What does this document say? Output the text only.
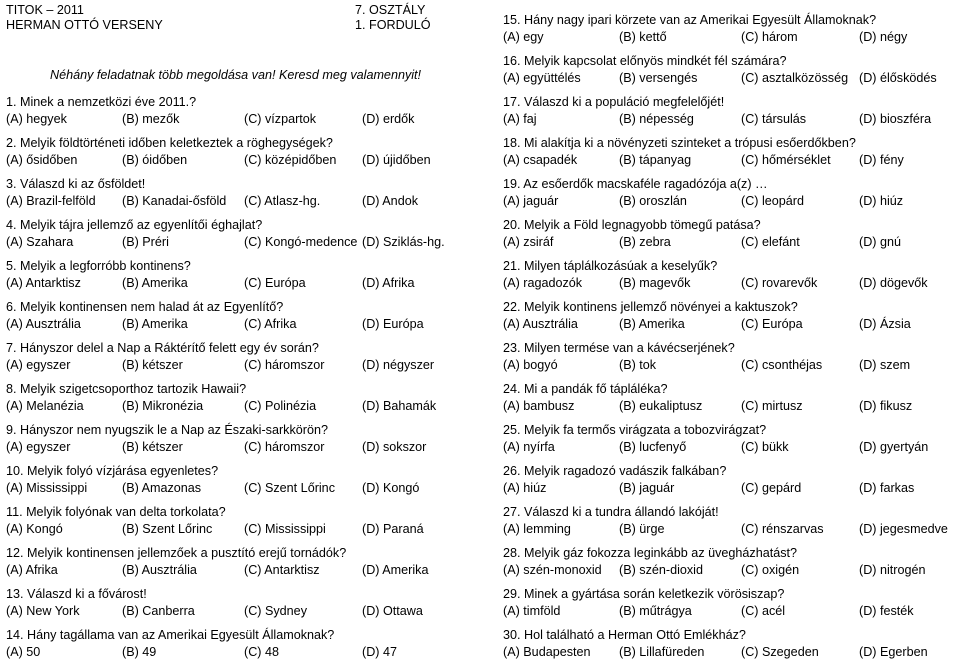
TITOK – 2011
HERMAN OTTÓ VERSENY
7. OSZTÁLY
1. FORDULÓ
Néhány feladatnak több megoldása van! Keresd meg valamennyit!
1. Minek a nemzetközi éve 2011.?
(A) hegyek	(B) mezők	(C) vízpartok	(D) erdők
2. Melyik földtörténeti időben keletkeztek a röghegységek?
(A) ősidőben	(B) óidőben	(C) középidőben (D) újidőben
3. Válaszd ki az ősföldet!
(A) Brazil-felföld (B) Kanadai-ősföld (C) Atlasz-hg.	(D) Andok
4. Melyik tájra jellemző az egyenlítői éghajlat?
(A) Szahara	(B) Préri	(C) Kongó-medence (D) Sziklás-hg.
5. Melyik a legforróbb kontinens?
(A) Antarktisz	(B) Amerika	(C) Európa	(D) Afrika
6. Melyik kontinensen nem halad át az Egyenlítő?
(A) Ausztrália	(B) Amerika	(C) Afrika	(D) Európa
7. Hányszor delel a Nap a Ráktérítő felett egy év során?
(A) egyszer	(B) kétszer	(C) háromszor	(D) négyszer
8. Melyik szigetcsoporthoz tartozik Hawaii?
(A) Melanézia	(B) Mikronézia	(C) Polinézia	(D) Bahamák
9. Hányszor nem nyugszik le a Nap az Északi-sarkkörön?
(A) egyszer	(B) kétszer	(C) háromszor	(D) sokszor
10. Melyik folyó vízjárása egyenletes?
(A) Mississippi	(B) Amazonas	(C) Szent Lőrinc (D) Kongó
11. Melyik folyónak van delta torkolata?
(A) Kongó	(B) Szent Lőrinc	(C) Mississippi	(D) Paraná
12. Melyik kontinensen jellemzőek a pusztító erejű tornádók?
(A) Afrika	(B) Ausztrália	(C) Antarktisz	(D) Amerika
13. Válaszd ki a fővárost!
(A) New York	(B) Canberra	(C) Sydney	(D) Ottawa
14. Hány tagállama van az Amerikai Egyesült Államoknak?
(A) 50	(B) 49	(C) 48	(D) 47
15. Hány nagy ipari körzete van az Amerikai Egyesült Államoknak?
(A) egy	(B) kettő	(C) három	(D) négy
16. Melyik kapcsolat előnyös mindkét fél számára?
(A) együttélés	(B) versengés	(C) asztalközösség (D) élősködés
17. Válaszd ki a populáció megfelelőjét!
(A) faj	(B) népesség	(C) társulás	(D) bioszféra
18. Mi alakítja ki a növényzeti szinteket a trópusi esőerdőkben?
(A) csapadék	(B) tápanyag	(C) hőmérséklet (D) fény
19. Az esőerdők macskaféle ragadózója a(z) …
(A) jaguár	(B) oroszlán	(C) leopárd	(D) hiúz
20. Melyik a Föld legnagyobb tömegű patása?
(A) zsiráf	(B) zebra	(C) elefánt	(D) gnú
21. Milyen táplálkozásúak a keselyűk?
(A) ragadozók	(B) magevők	(C) rovarevők	(D) dögevők
22. Melyik kontinens jellemző növényei a kaktuszok?
(A) Ausztrália	(B) Amerika	(C) Európa	(D) Ázsia
23. Milyen termése van a kávécserjének?
(A) bogyó	(B) tok	(C) csonthéjas	(D) szem
24. Mi a pandák fő tápláléka?
(A) bambusz	(B) eukaliptusz	(C) mirtusz	(D) fikusz
25. Melyik fa termős virágzata a tobozvirágzat?
(A) nyírfa	(B) lucfenyő	(C) bükk	(D) gyertyán
26. Melyik ragadozó vadászik falkában?
(A) hiúz	(B) jaguár	(C) gepárd	(D) farkas
27. Válaszd ki a tundra állandó lakóját!
(A) lemming	(B) ürge	(C) rénszarvas	(D) jegesmedve
28. Melyik gáz fokozza leginkább az üvegházhatást?
(A) szén-monoxid (B) szén-dioxid	(C) oxigén	(D) nitrogén
29. Minek a gyártása során keletkezik vörösiszap?
(A) timföld	(B) műtrágya	(C) acél	(D) festék
30. Hol található a Herman Ottó Emlékház?
(A) Budapesten (B) Lillafüreden	(C) Szegeden	(D) Egerben
